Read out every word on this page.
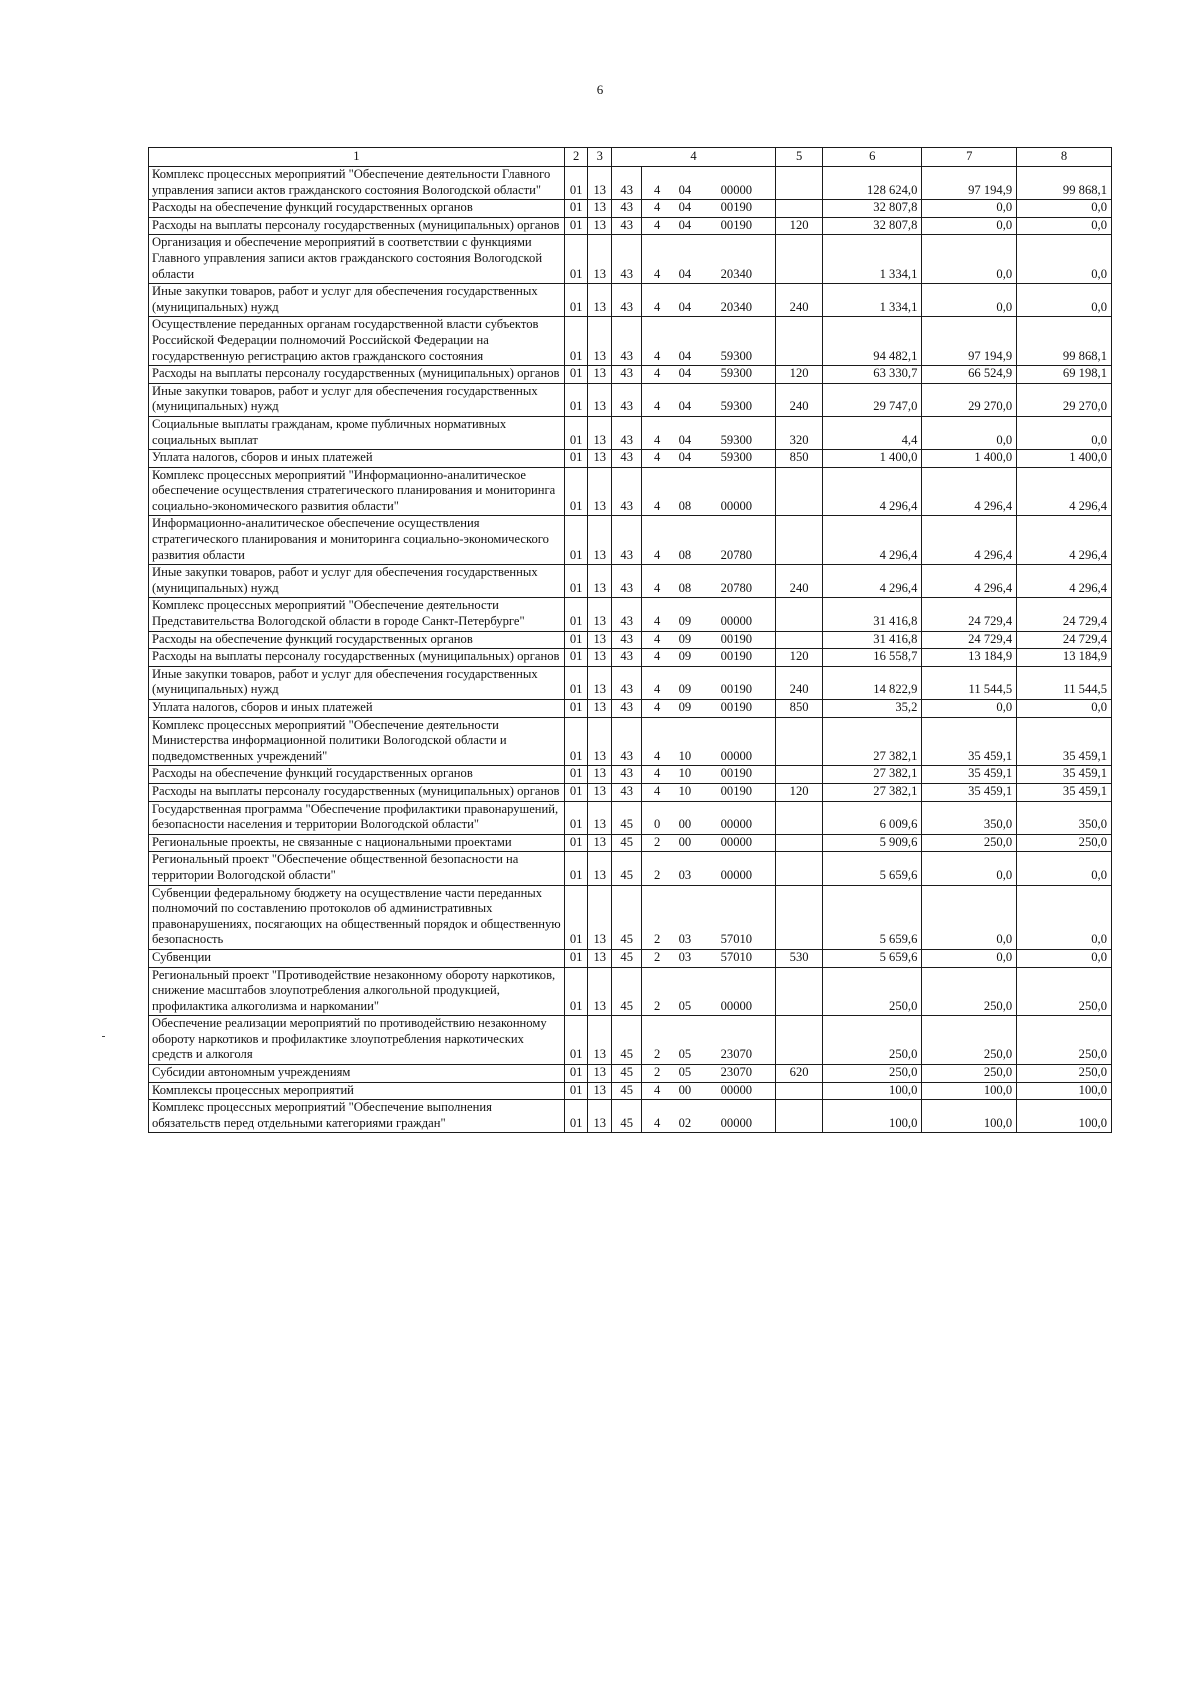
6
1	2	3	4				5	6	7	8
Комплекс процессных мероприятий "Обеспечение деятельности Главного управления записи актов гражданского состояния Вологодской области"	01	13	43	4	04	00000		128 624,0	97 194,9	99 868,1
Расходы на обеспечение функций государственных органов	01	13	43	4	04	00190		32 807,8	0,0	0,0
Расходы на выплаты персоналу государственных (муниципальных) органов	01	13	43	4	04	00190	120	32 807,8	0,0	0,0
Организация и обеспечение мероприятий в соответствии с функциями Главного управления записи актов гражданского состояния Вологодской области	01	13	43	4	04	20340		1 334,1	0,0	0,0
Иные закупки товаров, работ и услуг для обеспечения государственных (муниципальных) нужд	01	13	43	4	04	20340	240	1 334,1	0,0	0,0
Осуществление переданных органам государственной власти субъектов Российской Федерации полномочий Российской Федерации на государственную регистрацию актов гражданского состояния	01	13	43	4	04	59300		94 482,1	97 194,9	99 868,1
Расходы на выплаты персоналу государственных (муниципальных) органов	01	13	43	4	04	59300	120	63 330,7	66 524,9	69 198,1
Иные закупки товаров, работ и услуг для обеспечения государственных (муниципальных) нужд	01	13	43	4	04	59300	240	29 747,0	29 270,0	29 270,0
Социальные выплаты гражданам, кроме публичных нормативных социальных выплат	01	13	43	4	04	59300	320	4,4	0,0	0,0
Уплата налогов, сборов и иных платежей	01	13	43	4	04	59300	850	1 400,0	1 400,0	1 400,0
Комплекс процессных мероприятий "Информационно-аналитическое обеспечение осуществления стратегического планирования и мониторинга социально-экономического развития области"	01	13	43	4	08	00000		4 296,4	4 296,4	4 296,4
Информационно-аналитическое обеспечение осуществления стратегического планирования и мониторинга социально-экономического развития области	01	13	43	4	08	20780		4 296,4	4 296,4	4 296,4
Иные закупки товаров, работ и услуг для обеспечения государственных (муниципальных) нужд	01	13	43	4	08	20780	240	4 296,4	4 296,4	4 296,4
Комплекс процессных мероприятий "Обеспечение деятельности Представительства Вологодской области в городе Санкт-Петербурге"	01	13	43	4	09	00000		31 416,8	24 729,4	24 729,4
Расходы на обеспечение функций государственных органов	01	13	43	4	09	00190		31 416,8	24 729,4	24 729,4
Расходы на выплаты персоналу государственных (муниципальных) органов	01	13	43	4	09	00190	120	16 558,7	13 184,9	13 184,9
Иные закупки товаров, работ и услуг для обеспечения государственных (муниципальных) нужд	01	13	43	4	09	00190	240	14 822,9	11 544,5	11 544,5
Уплата налогов, сборов и иных платежей	01	13	43	4	09	00190	850	35,2	0,0	0,0
Комплекс процессных мероприятий "Обеспечение деятельности Министерства информационной политики Вологодской области и подведомственных учреждений"	01	13	43	4	10	00000		27 382,1	35 459,1	35 459,1
Расходы на обеспечение функций государственных органов	01	13	43	4	10	00190		27 382,1	35 459,1	35 459,1
Расходы на выплаты персоналу государственных (муниципальных) органов	01	13	43	4	10	00190	120	27 382,1	35 459,1	35 459,1
Государственная программа "Обеспечение профилактики правонарушений, безопасности населения и территории Вологодской области"	01	13	45	0	00	00000		6 009,6	350,0	350,0
Региональные проекты, не связанные с национальными проектами	01	13	45	2	00	00000		5 909,6	250,0	250,0
Региональный проект "Обеспечение общественной безопасности на территории Вологодской области"	01	13	45	2	03	00000		5 659,6	0,0	0,0
Субвенции федеральному бюджету на осуществление части переданных полномочий по составлению протоколов об административных правонарушениях, посягающих на общественный порядок и общественную безопасность	01	13	45	2	03	57010		5 659,6	0,0	0,0
Субвенции	01	13	45	2	03	57010	530	5 659,6	0,0	0,0
Региональный проект "Противодействие незаконному обороту наркотиков, снижение масштабов злоупотребления алкогольной продукцией, профилактика алкоголизма и наркомании"	01	13	45	2	05	00000		250,0	250,0	250,0
Обеспечение реализации мероприятий по противодействию незаконному обороту наркотиков и профилактике злоупотребления наркотических средств и алкоголя	01	13	45	2	05	23070		250,0	250,0	250,0
Субсидии автономным учреждениям	01	13	45	2	05	23070	620	250,0	250,0	250,0
Комплексы процессных мероприятий	01	13	45	4	00	00000		100,0	100,0	100,0
Комплекс процессных мероприятий "Обеспечение выполнения обязательств перед отдельными категориями граждан"	01	13	45	4	02	00000		100,0	100,0	100,0
